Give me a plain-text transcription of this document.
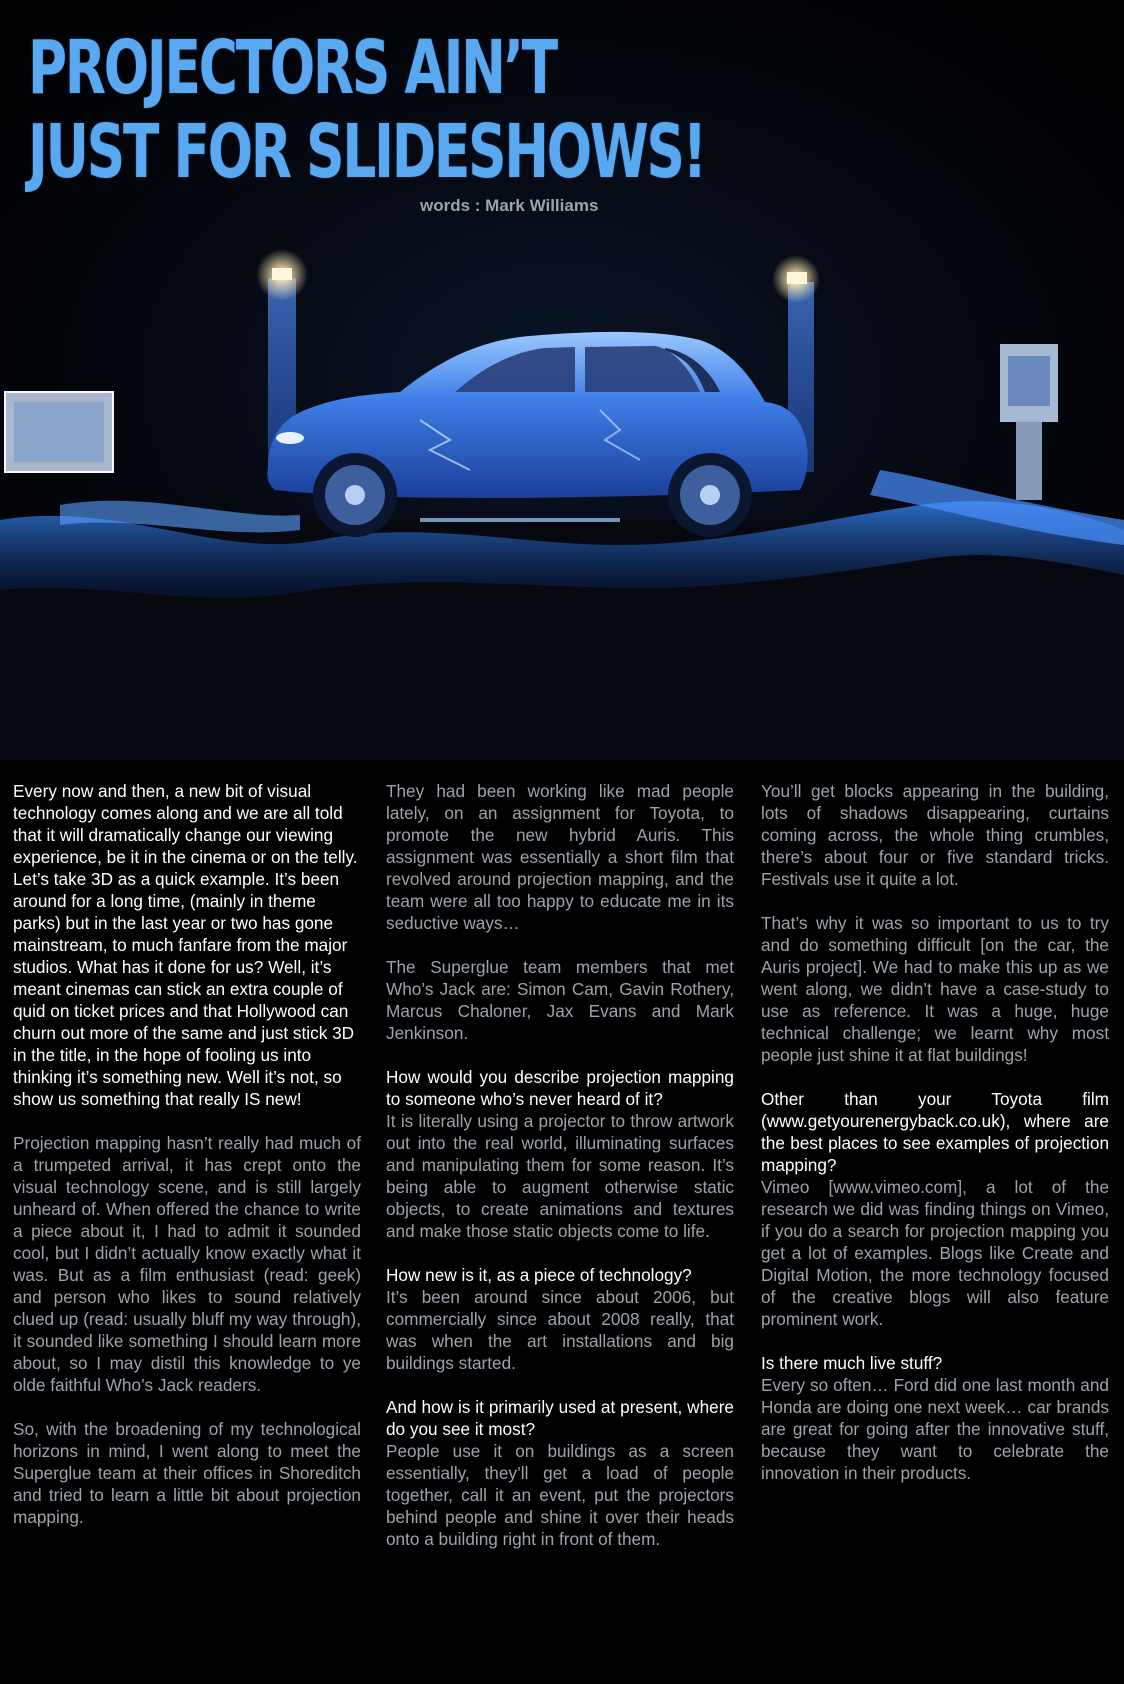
PROJECTORS AIN’T
JUST FOR SLIDESHOWS!
words : Mark Williams

Every now and then, a new bit of visual technology comes along and we are all told that it will dramatically change our viewing experience, be it in the cinema or on the telly. Let’s take 3D as a quick example. It’s been around for a long time, (mainly in theme parks) but in the last year or two has gone mainstream, to much fanfare from the major studios. What has it done for us? Well, it’s meant cinemas can stick an extra couple of quid on ticket prices and that Hollywood can churn out more of the same and just stick 3D in the title, in the hope of fooling us into thinking it’s something new. Well it’s not, so show us something that really IS new!

Projection mapping hasn’t really had much of a trumpeted arrival, it has crept onto the visual technology scene, and is still largely unheard of. When offered the chance to write a piece about it, I had to admit it sounded cool, but I didn’t actually know exactly what it was. But as a film enthusiast (read: geek) and person who likes to sound relatively clued up (read: usually bluff my way through), it sounded like something I should learn more about, so I may distil this knowledge to ye olde faithful Who’s Jack readers.

So, with the broadening of my technological horizons in mind, I went along to meet the Superglue team at their offices in Shoreditch and tried to learn a little bit about projection mapping.

They had been working like mad people lately, on an assignment for Toyota, to promote the new hybrid Auris. This assignment was essentially a short film that revolved around projection mapping, and the team were all too happy to educate me in its seductive ways…

The Superglue team members that met Who’s Jack are: Simon Cam, Gavin Rothery, Marcus Chaloner, Jax Evans and Mark Jenkinson.

How would you describe projection mapping to someone who’s never heard of it?
It is literally using a projector to throw artwork out into the real world, illuminating surfaces and manipulating them for some reason. It’s being able to augment otherwise static objects, to create animations and textures and make those static objects come to life.

How new is it, as a piece of technology?
It’s been around since about 2006, but commercially since about 2008 really, that was when the art installations and big buildings started.

And how is it primarily used at present, where do you see it most?
People use it on buildings as a screen essentially, they’ll get a load of people together, call it an event, put the projectors behind people and shine it over their heads onto a building right in front of them.

You’ll get blocks appearing in the building, lots of shadows disappearing, curtains coming across, the whole thing crumbles, there’s about four or five standard tricks. Festivals use it quite a lot.

That’s why it was so important to us to try and do something difficult [on the car, the Auris project]. We had to make this up as we went along, we didn’t have a case-study to use as reference. It was a huge, huge technical challenge; we learnt why most people just shine it at flat buildings!

Other than your Toyota film (www.getyourenergyback.co.uk), where are the best places to see examples of projection mapping?
Vimeo [www.vimeo.com], a lot of the research we did was finding things on Vimeo, if you do a search for projection mapping you get a lot of examples. Blogs like Create and Digital Motion, the more technology focused of the creative blogs will also feature prominent work.

Is there much live stuff?
Every so often… Ford did one last month and Honda are doing one next week… car brands are great for going after the innovative stuff, because they want to celebrate the innovation in their products.
